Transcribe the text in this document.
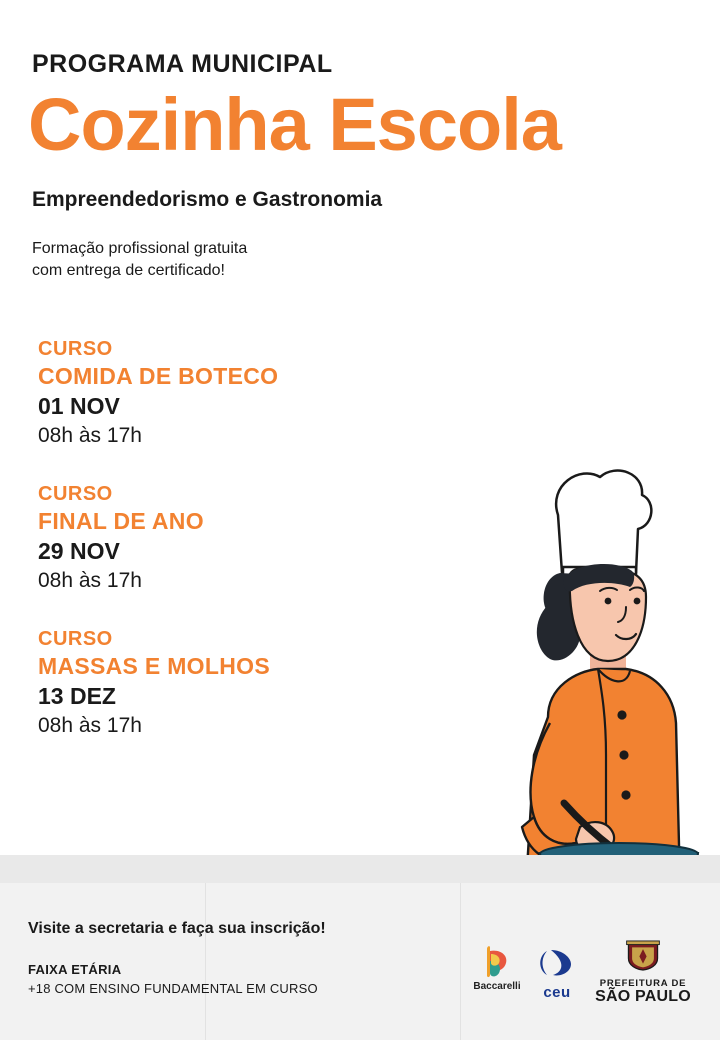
PROGRAMA MUNICIPAL
Cozinha Escola
Empreendedorismo e Gastronomia
Formação profissional gratuita
com entrega de certificado!
CURSO
COMIDA DE BOTECO
01 NOV
08h às 17h
CURSO
FINAL DE ANO
29 NOV
08h às 17h
CURSO
MASSAS E MOLHOS
13 DEZ
08h às 17h
Visite a secretaria e faça sua inscrição!
FAIXA ETÁRIA
+18 COM ENSINO FUNDAMENTAL EM CURSO	Baccarelli	ceu
PREFEITURA DE
SÃO PAULO
